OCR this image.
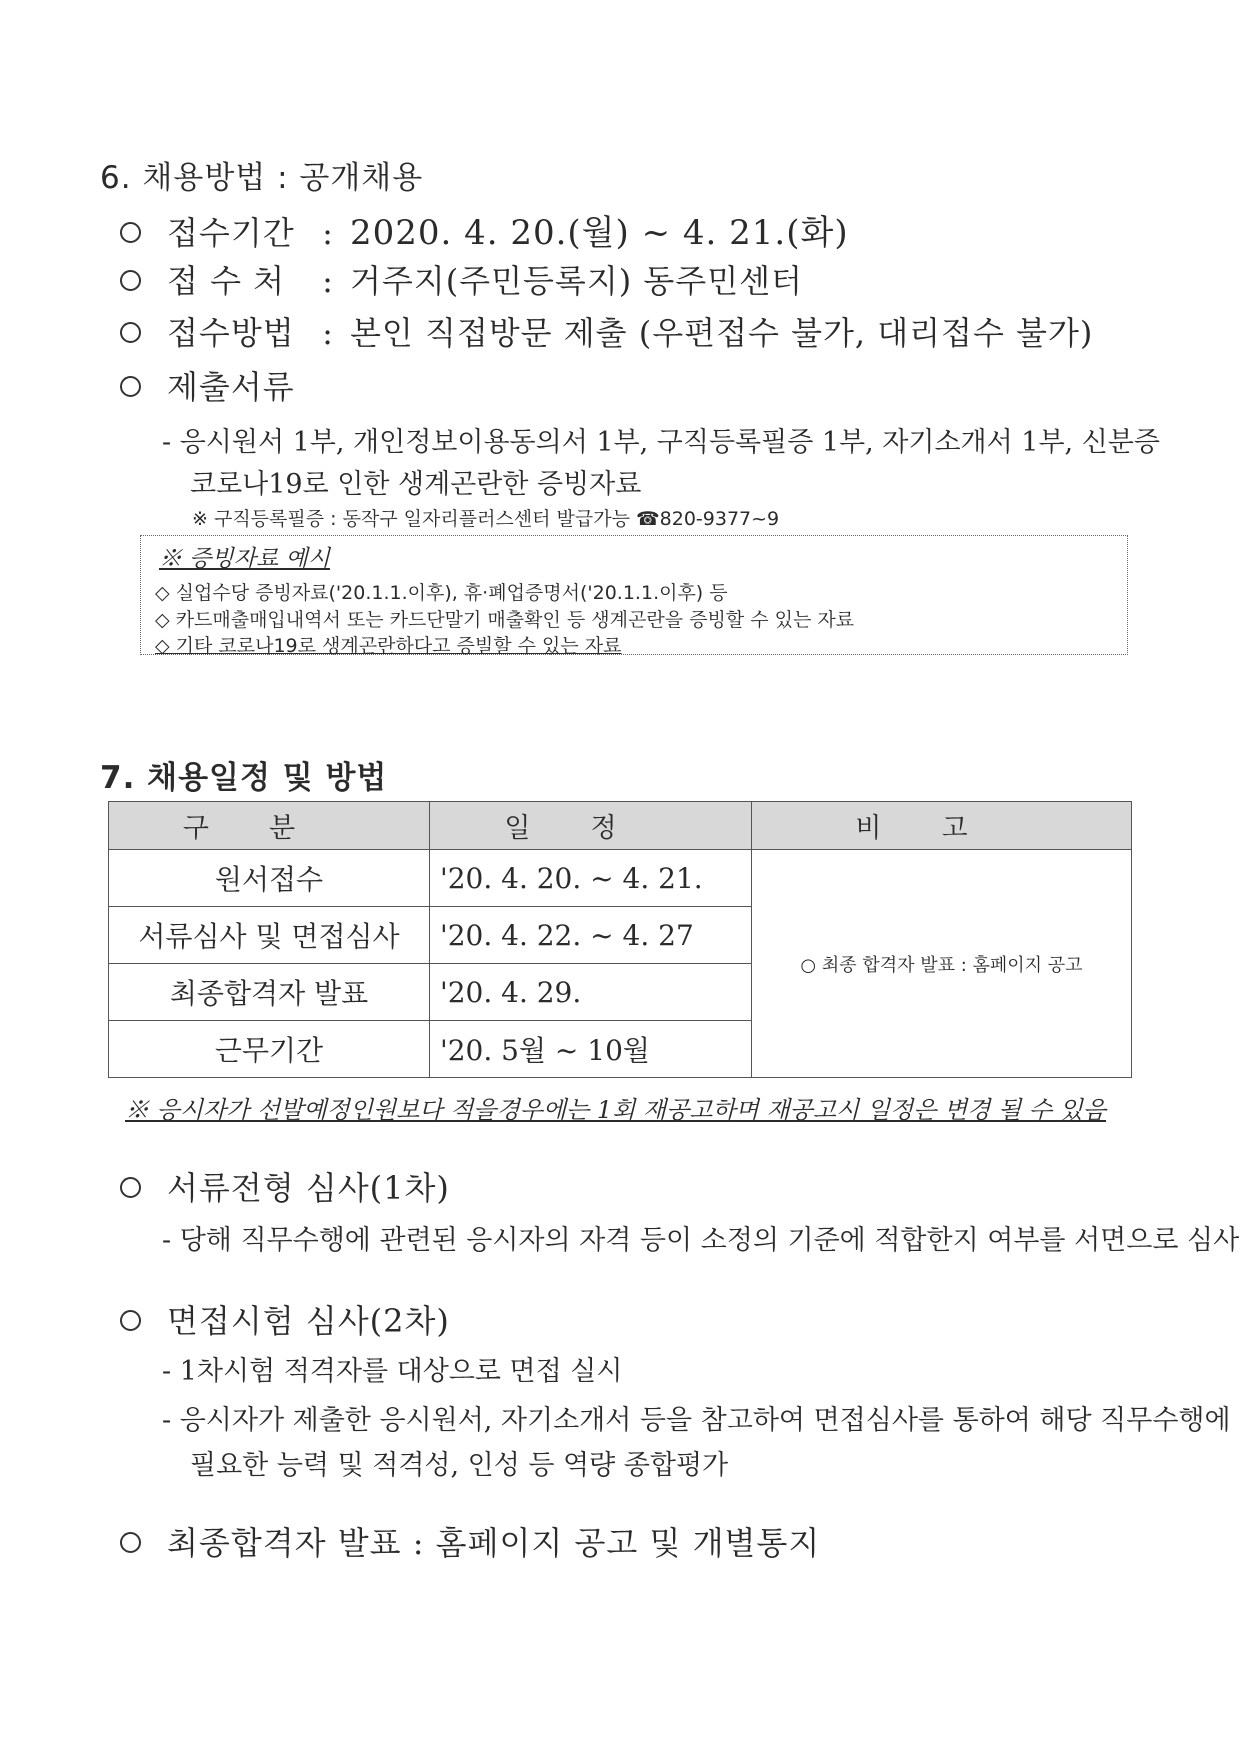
6. 채용방법 : 공개채용
접수기간 : 2020. 4. 20.(월) ~ 4. 21.(화)
접 수 처 : 거주지(주민등록지) 동주민센터
접수방법 : 본인 직접방문 제출 (우편접수 불가, 대리접수 불가)
제출서류
- 응시원서 1부, 개인정보이용동의서 1부, 구직등록필증 1부, 자기소개서 1부, 신분증
코로나19로 인한 생계곤란한 증빙자료
※ 구직등록필증 : 동작구 일자리플러스센터 발급가능 ☎820-9377~9
※ 증빙자료 예시
◇ 실업수당 증빙자료('20.1.1.이후), 휴·폐업증명서('20.1.1.이후) 등
◇ 카드매출매입내역서 또는 카드단말기 매출확인 등 생계곤란을 증빙할 수 있는 자료
◇ 기타 코로나19로 생계곤란하다고 증빌할 수 있는 자료
7. 채용일정 및 방법
구분	일정	비고
원서접수	'20. 4. 20. ~ 4. 21.	○ 최종 합격자 발표 : 홈페이지 공고
서류심사 및 면접심사	'20. 4. 22. ~ 4. 27	
최종합격자 발표	'20. 4. 29.	
근무기간	'20. 5월 ~ 10월	
※ 응시자가 선발예정인원보다 적을경우에는 1회 재공고하며 재공고시 일정은 변경 될 수 있음
서류전형 심사(1차)
- 당해 직무수행에 관련된 응시자의 자격 등이 소정의 기준에 적합한지 여부를 서면으로 심사
면접시험 심사(2차)
- 1차시험 적격자를 대상으로 면접 실시
- 응시자가 제출한 응시원서, 자기소개서 등을 참고하여 면접심사를 통하여 해당 직무수행에
필요한 능력 및 적격성, 인성 등 역량 종합평가
최종합격자 발표 : 홈페이지 공고 및 개별통지
